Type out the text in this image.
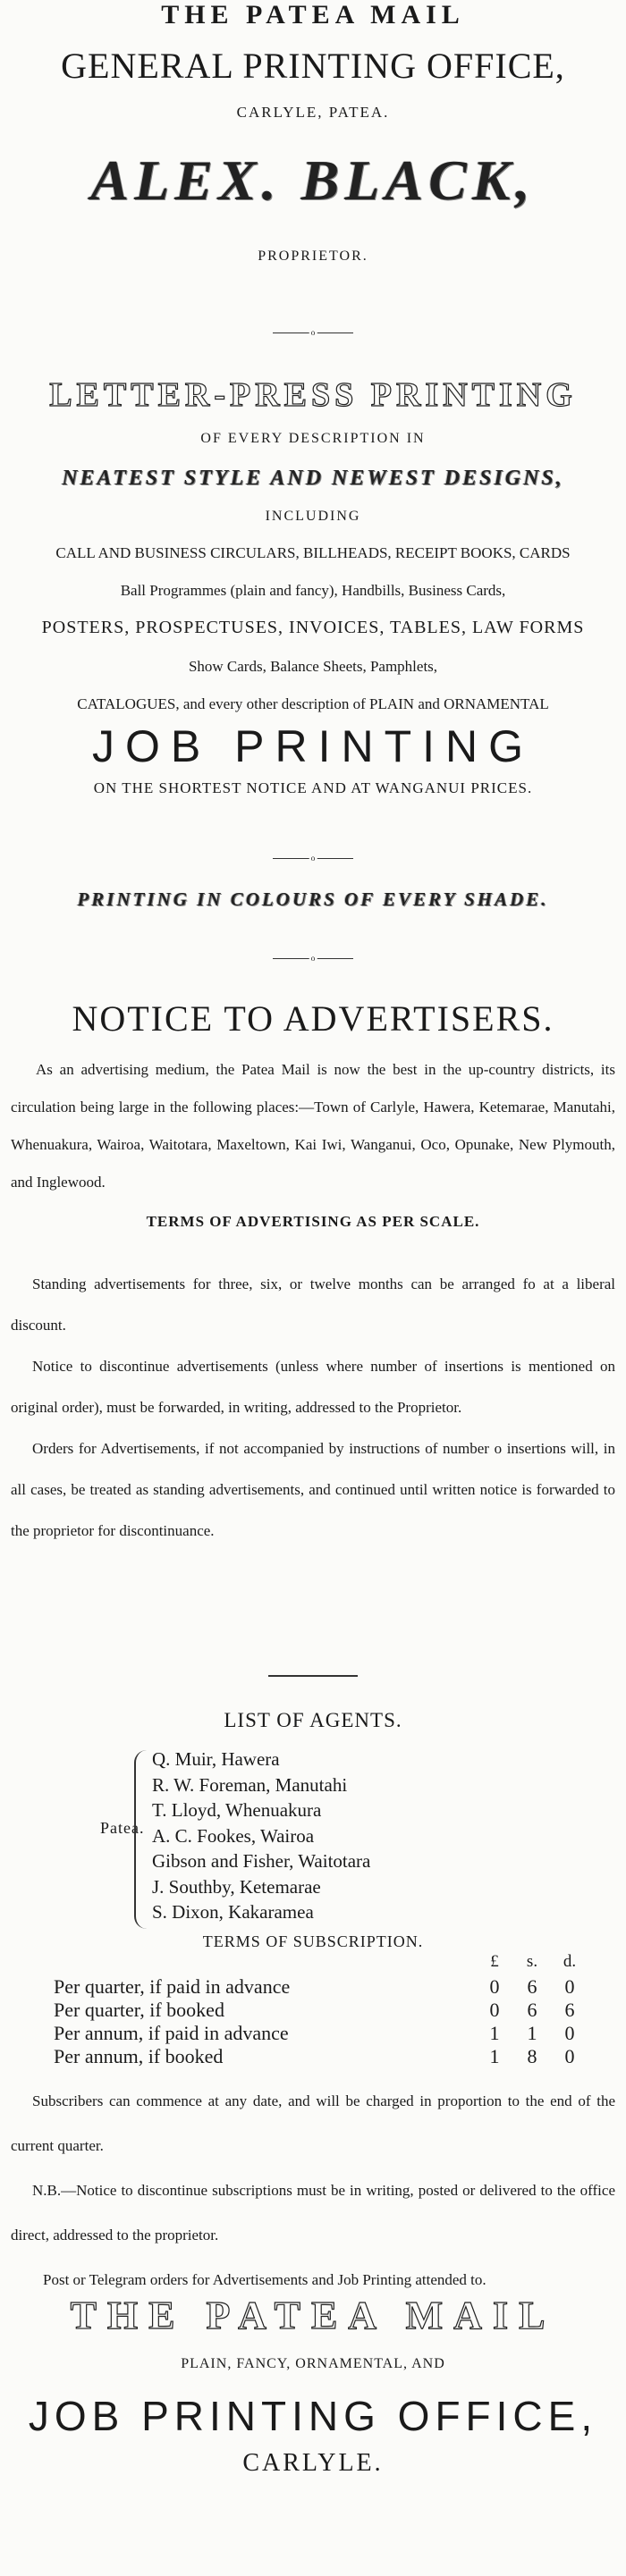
THE PATEA MAIL
GENERAL PRINTING OFFICE,
CARLYLE, PATEA.
ALEX. BLACK,
PROPRIETOR.
o
LETTER-PRESS PRINTING
OF EVERY DESCRIPTION IN
NEATEST STYLE AND NEWEST DESIGNS,
INCLUDING
CALL AND BUSINESS CIRCULARS, BILLHEADS, RECEIPT BOOKS, CARDS
Ball Programmes (plain and fancy), Handbills, Business Cards,
POSTERS, PROSPECTUSES, INVOICES, TABLES, LAW FORMS
Show Cards, Balance Sheets, Pamphlets,
CATALOGUES, and every other description of PLAIN and ORNAMENTAL
JOB PRINTING
ON THE SHORTEST NOTICE AND AT WANGANUI PRICES.
o
PRINTING IN COLOURS OF EVERY SHADE.
o
NOTICE TO ADVERTISERS.

As an advertising medium, the Patea Mail is now the best in the up-country districts, its circulation being large in the following places:—Town of Carlyle, Hawera, Ketemarae, Manutahi, Whenuakura, Wairoa, Waitotara, Maxeltown, Kai Iwi, Wanganui, Oco, Opunake, New Plymouth, and Inglewood.

TERMS OF ADVERTISING AS PER SCALE.

Standing advertisements for three, six, or twelve months can be arranged fo at a liberal discount.

Notice to discontinue advertisements (unless where number of insertions is mentioned on original order), must be forwarded, in writing, addressed to the Proprietor.

Orders for Advertisements, if not accompanied by instructions of number o insertions will, in all cases, be treated as standing advertisements, and continued until written notice is forwarded to the proprietor for discontinuance.

LIST OF AGENTS.
Patea.
Q. Muir, Hawera
R. W. Foreman, Manutahi
T. Lloyd, Whenuakura
A. C. Fookes, Wairoa
Gibson and Fisher, Waitotara
J. Southby, Ketemarae
S. Dixon, Kakaramea
TERMS OF SUBSCRIPTION.
£	s.	d.
Per quarter, if paid in advance	0	6	0
Per quarter, if booked	0	6	6
Per annum, if paid in advance	1	1	0
Per annum, if booked	1	8	0

Subscribers can commence at any date, and will be charged in proportion to the end of the current quarter.

N.B.—Notice to discontinue subscriptions must be in writing, posted or delivered to the office direct, addressed to the proprietor.

Post or Telegram orders for Advertisements and Job Printing attended to.

THE PATEA MAIL
PLAIN, FANCY, ORNAMENTAL, AND
JOB PRINTING OFFICE,
CARLYLE.
